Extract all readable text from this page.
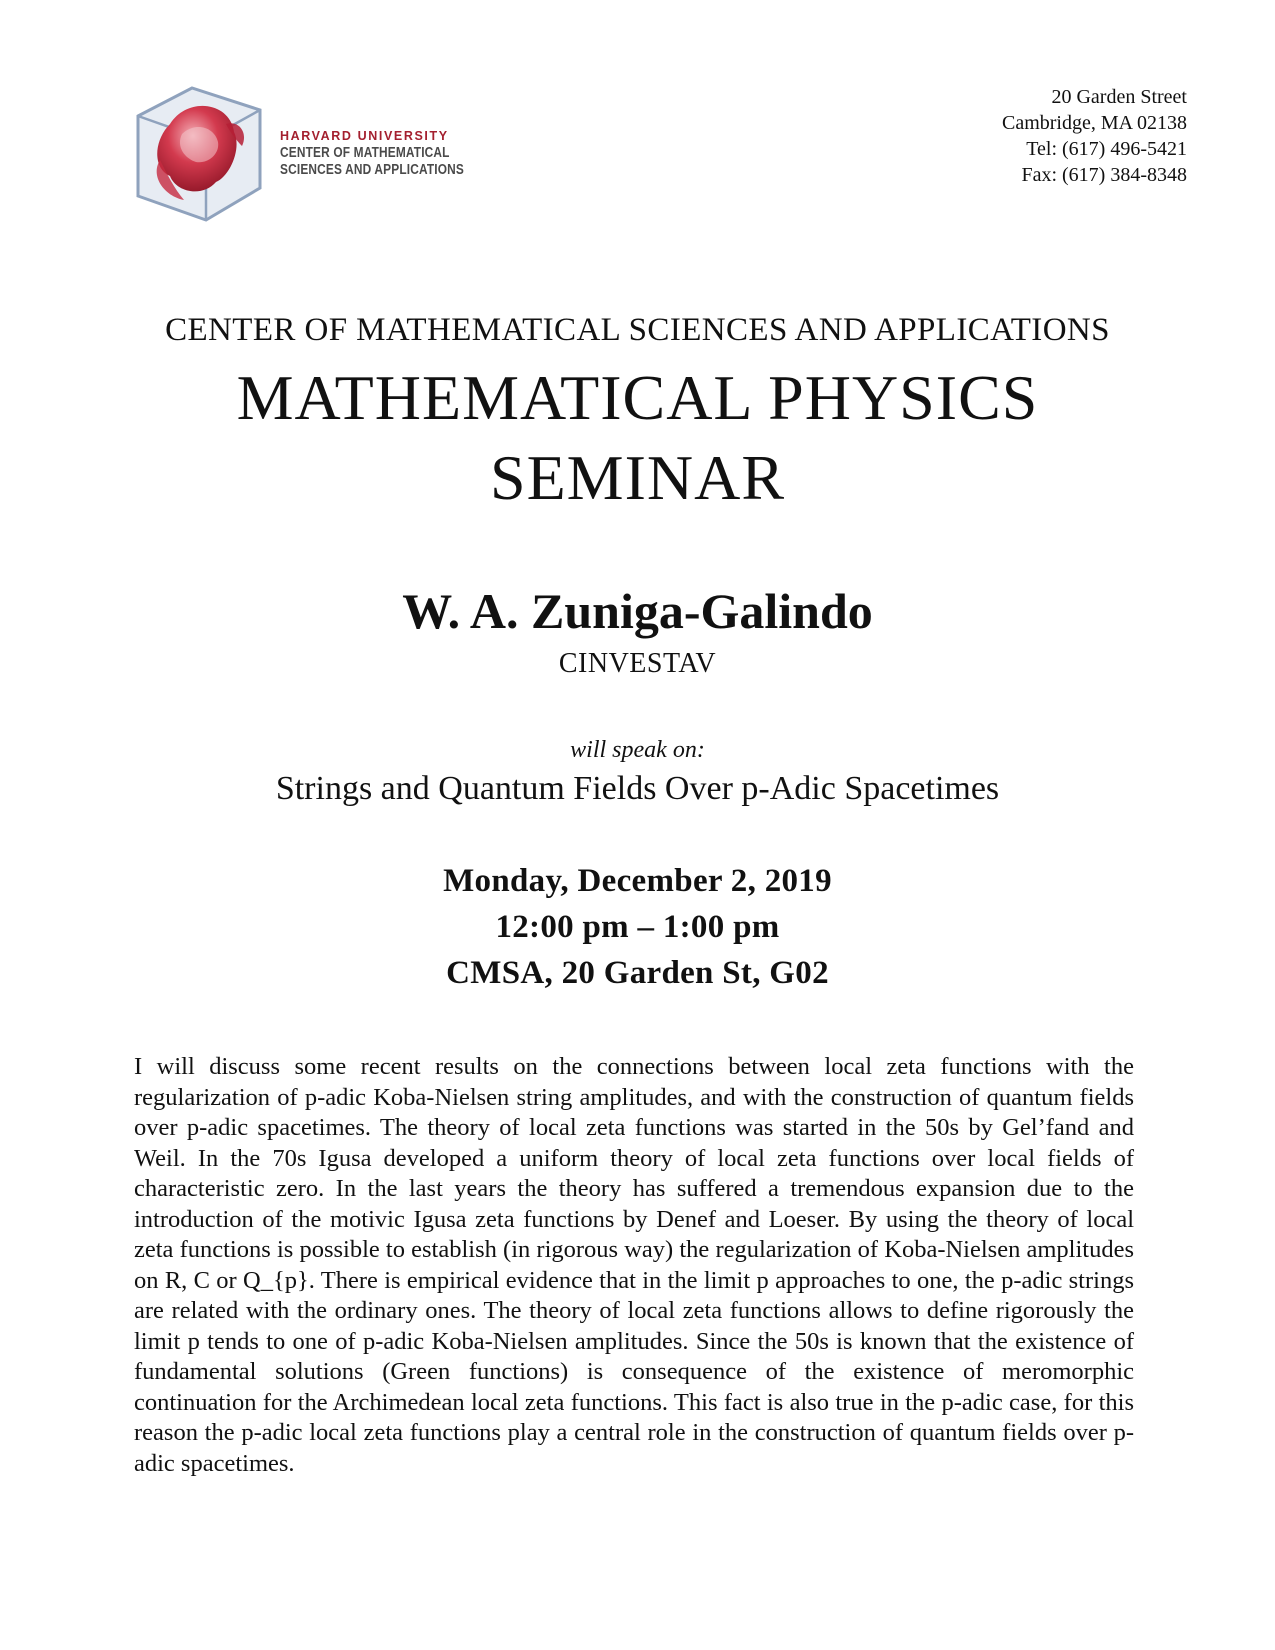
HARVARD UNIVERSITY
CENTER OF MATHEMATICAL
SCIENCES AND APPLICATIONS
20 Garden Street
Cambridge, MA 02138
Tel: (617) 496-5421
Fax: (617) 384-8348
CENTER OF MATHEMATICAL SCIENCES AND APPLICATIONS
MATHEMATICAL PHYSICS
SEMINAR
W. A. Zuniga-Galindo
CINVESTAV
will speak on:
Strings and Quantum Fields Over p-Adic Spacetimes
Monday, December 2, 2019
12:00 pm – 1:00 pm
CMSA, 20 Garden St, G02
I will discuss some recent results on the connections between local zeta functions with the regularization of p-adic Koba-Nielsen string amplitudes, and with the construction of quantum fields over p-adic spacetimes. The theory of local zeta functions was started in the 50s by Gel’fand and Weil. In the 70s Igusa developed a uniform theory of local zeta functions over local fields of characteristic zero. In the last years the theory has suffered a tremendous expansion due to the introduction of the motivic Igusa zeta functions by Denef and Loeser. By using the theory of local zeta functions is possible to establish (in rigorous way) the regularization of Koba-Nielsen amplitudes on R, C or Q_{p}. There is empirical evidence that in the limit p approaches to one, the p-adic strings are related with the ordinary ones. The theory of local zeta functions allows to define rigorously the limit p tends to one of p-adic Koba-Nielsen amplitudes. Since the 50s is known that the existence of fundamental solutions (Green functions) is consequence of the existence of meromorphic continuation for the Archimedean local zeta functions. This fact is also true in the p-adic case, for this reason the p-adic local zeta functions play a central role in the construction of quantum fields over p-adic spacetimes.
